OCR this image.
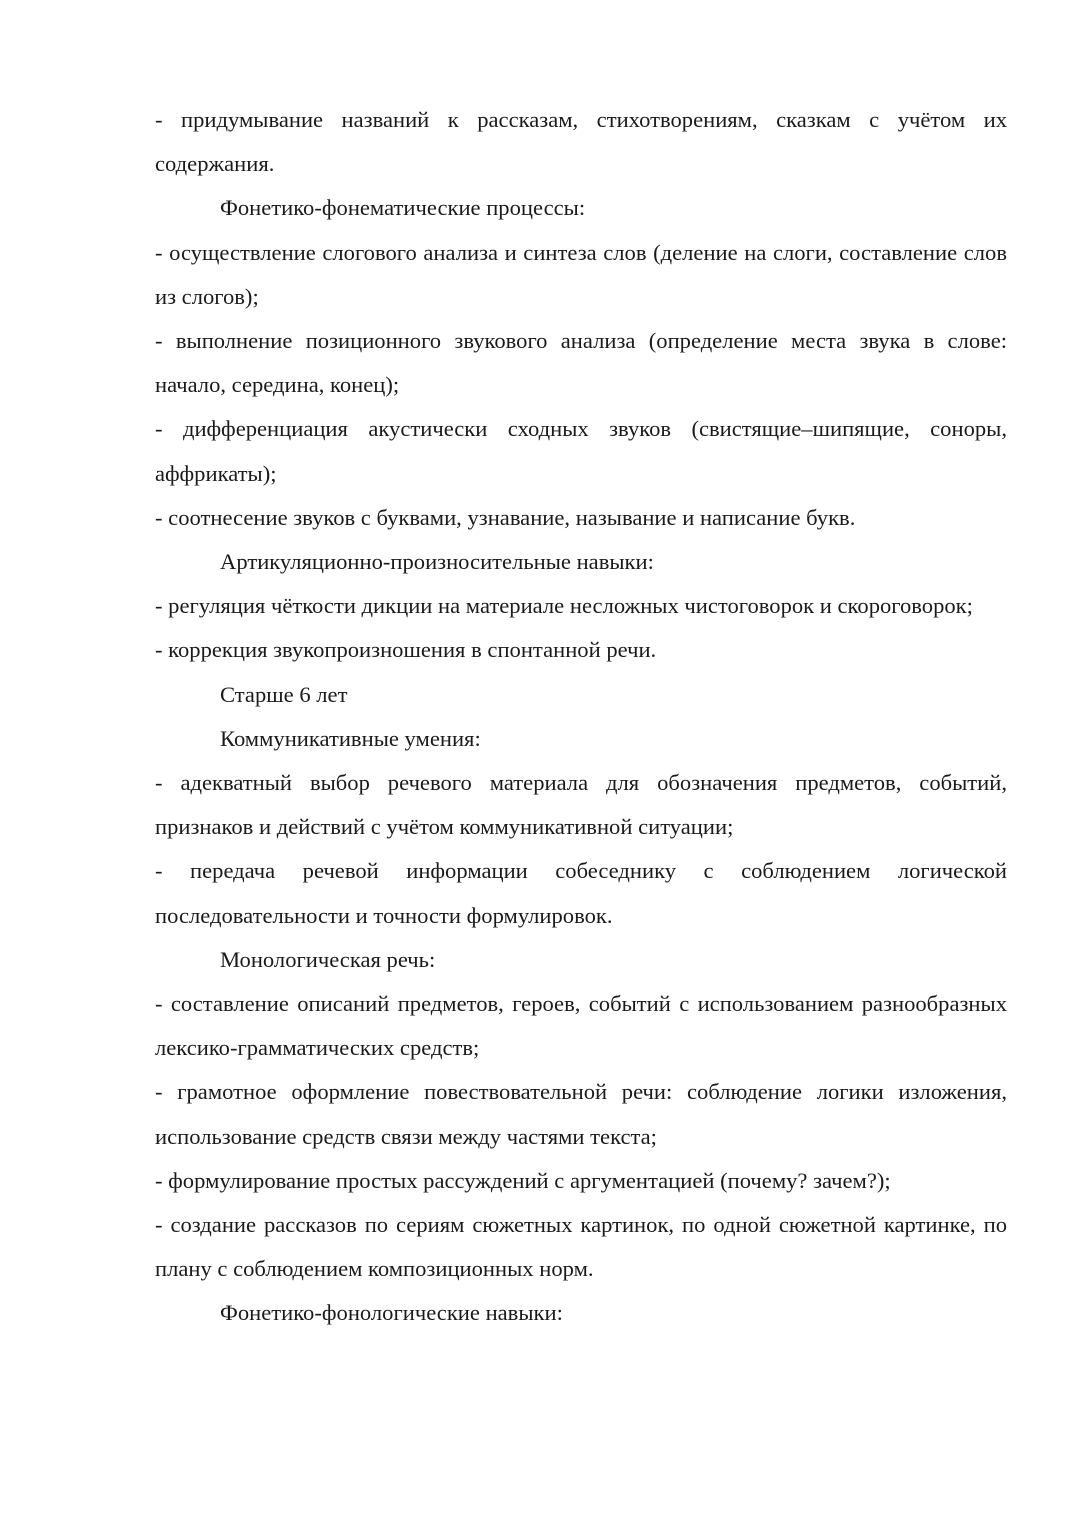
- придумывание названий к рассказам, стихотворениям, сказкам с учётом их содержания.

Фонетико-фонематические процессы:

- осуществление слогового анализа и синтеза слов (деление на слоги, составление слов из слогов);

- выполнение позиционного звукового анализа (определение места звука в слове: начало, середина, конец);

- дифференциация акустически сходных звуков (свистящие–шипящие, соноры, аффрикаты);

- соотнесение звуков с буквами, узнавание, называние и написание букв.

Артикуляционно-произносительные навыки:

- регуляция чёткости дикции на материале несложных чистоговорок и скороговорок;

- коррекция звукопроизношения в спонтанной речи.

Старше 6 лет

Коммуникативные умения:

- адекватный выбор речевого материала для обозначения предметов, событий, признаков и действий с учётом коммуникативной ситуации;

- передача речевой информации собеседнику с соблюдением логической последовательности и точности формулировок.

Монологическая речь:

- составление описаний предметов, героев, событий с использованием разнообразных лексико-грамматических средств;

- грамотное оформление повествовательной речи: соблюдение логики изложения, использование средств связи между частями текста;

- формулирование простых рассуждений с аргументацией (почему? зачем?);

- создание рассказов по сериям сюжетных картинок, по одной сюжетной картинке, по плану с соблюдением композиционных норм.

Фонетико-фонологические навыки:
